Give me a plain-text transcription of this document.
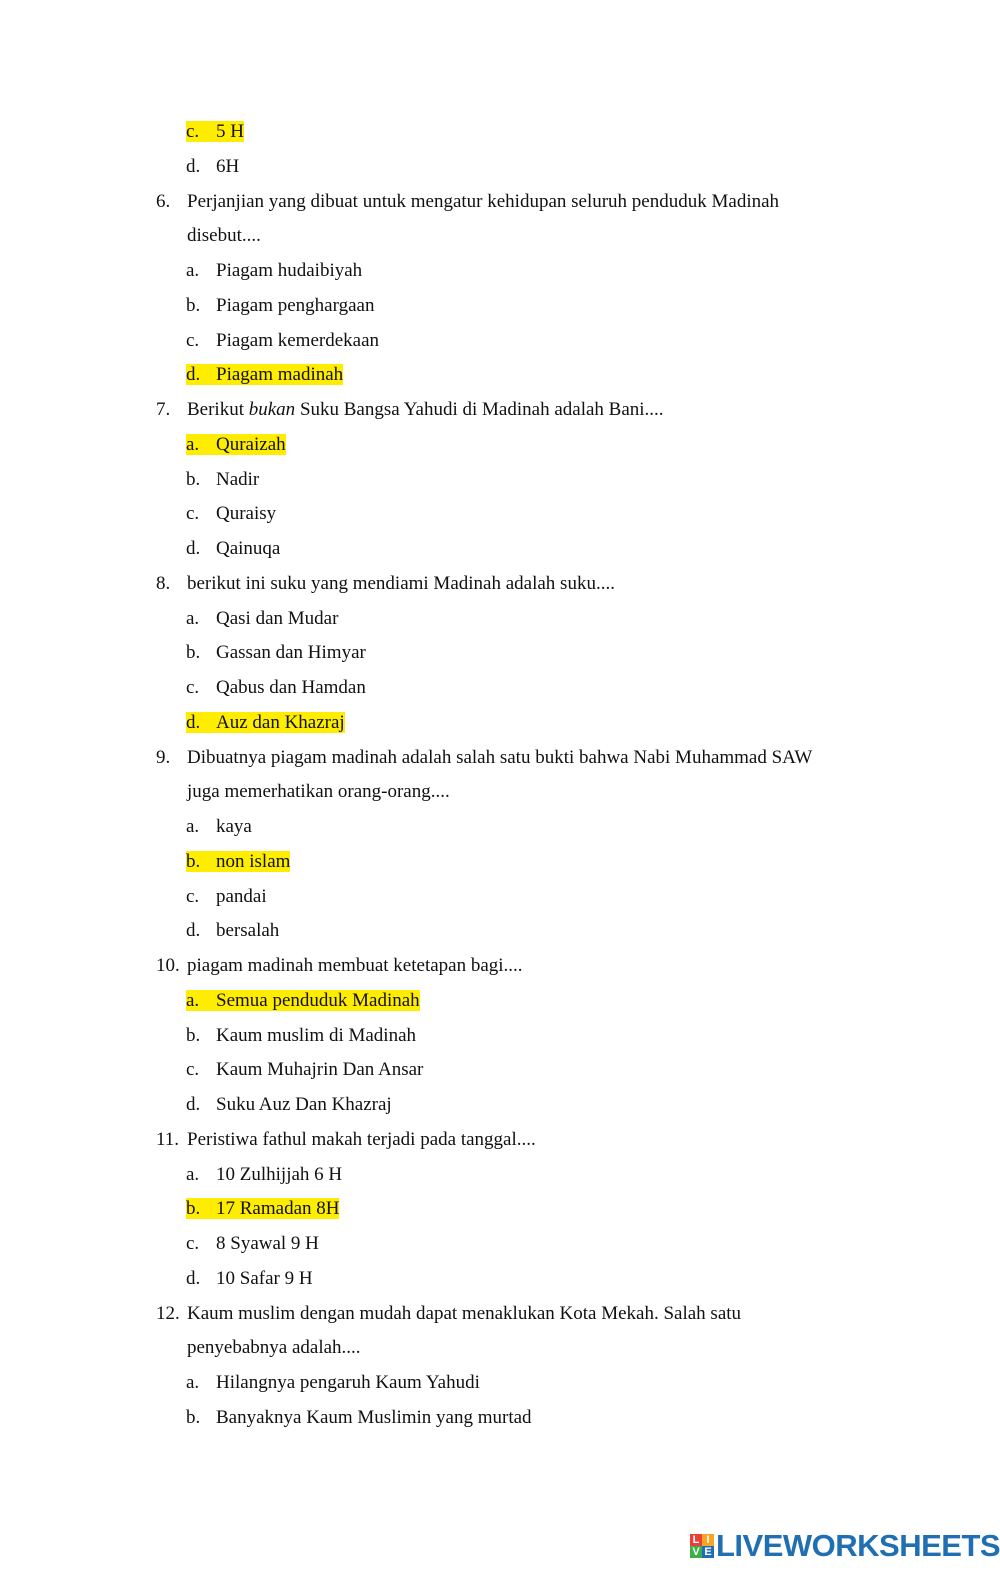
c. 5 H
d. 6H
6. Perjanjian yang dibuat untuk mengatur kehidupan seluruh penduduk Madinah
disebut....
a. Piagam hudaibiyah
b. Piagam penghargaan
c. Piagam kemerdekaan
d. Piagam madinah
7. Berikut bukan Suku Bangsa Yahudi di Madinah adalah Bani....
a. Quraizah
b. Nadir
c. Quraisy
d. Qainuqa
8. berikut ini suku yang mendiami Madinah adalah suku....
a. Qasi dan Mudar
b. Gassan dan Himyar
c. Qabus dan Hamdan
d. Auz dan Khazraj
9. Dibuatnya piagam madinah adalah salah satu bukti bahwa Nabi Muhammad SAW
juga memerhatikan orang-orang....
a. kaya
b. non islam
c. pandai
d. bersalah
10. piagam madinah membuat ketetapan bagi....
a. Semua penduduk Madinah
b. Kaum muslim di Madinah
c. Kaum Muhajrin Dan Ansar
d. Suku Auz Dan Khazraj
11. Peristiwa fathul makah terjadi pada tanggal....
a. 10 Zulhijjah 6 H
b. 17 Ramadan 8H
c. 8 Syawal 9 H
d. 10 Safar 9 H
12. Kaum muslim dengan mudah dapat menaklukan Kota Mekah. Salah satu
penyebabnya adalah....
a. Hilangnya pengaruh Kaum Yahudi
b. Banyaknya Kaum Muslimin yang murtad
L I
V E LIVEWORKSHEETS
